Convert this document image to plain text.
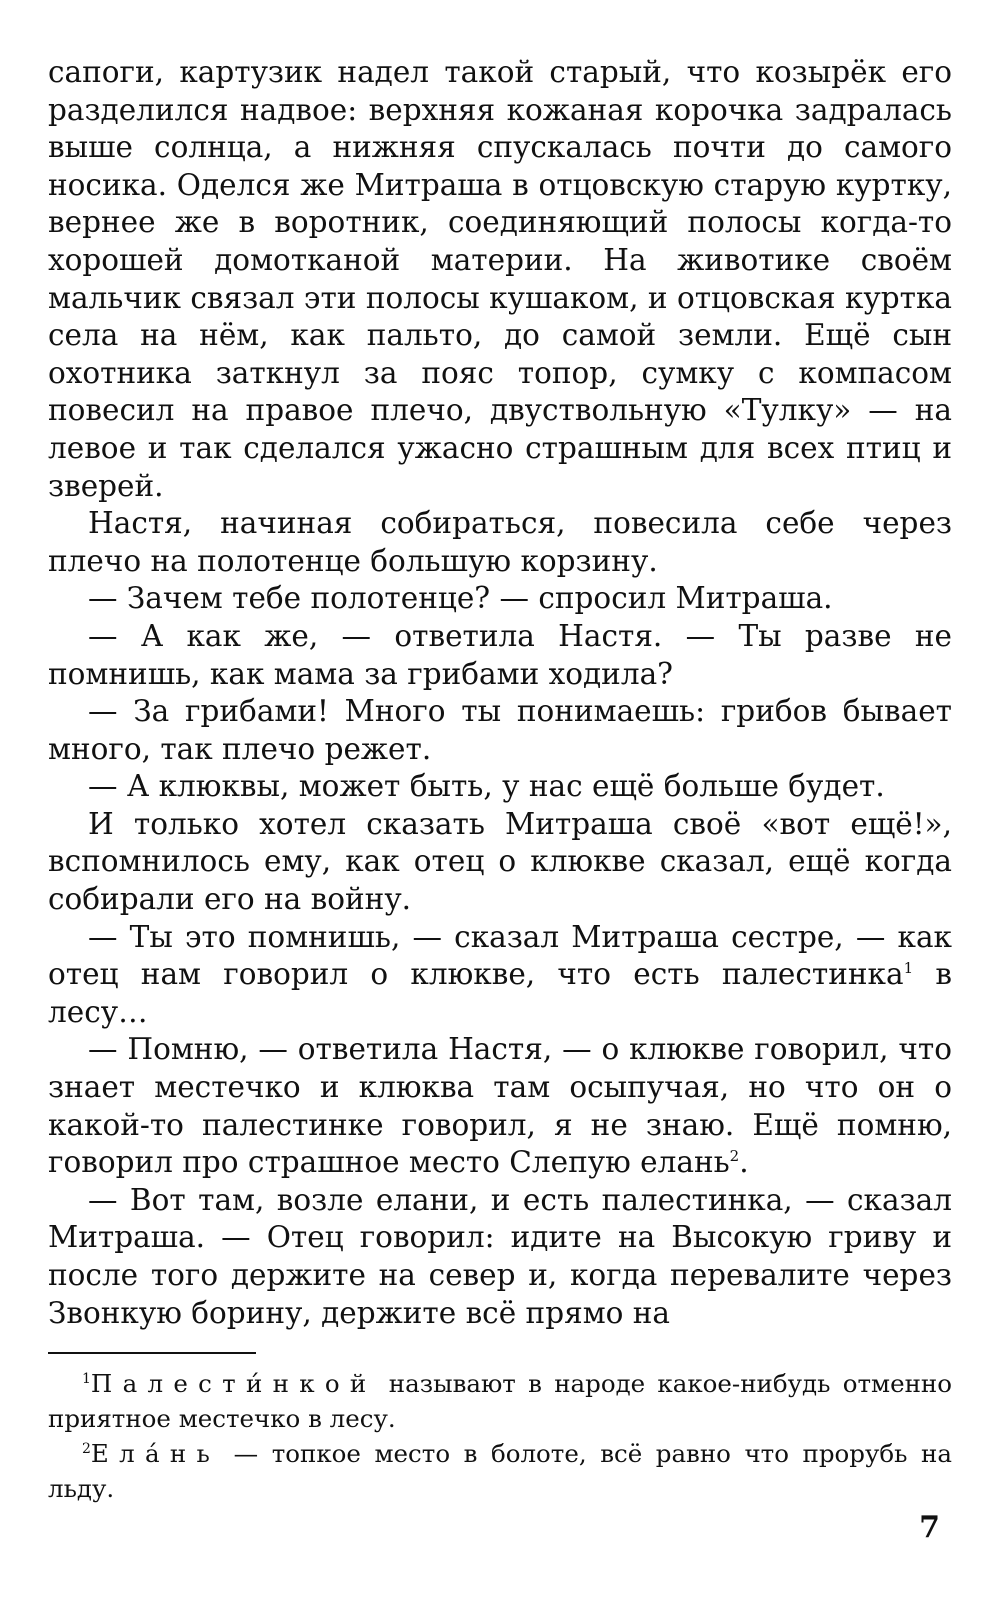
сапоги, картузик надел такой старый, что козырёк его разделился надвое: верхняя кожаная корочка задралась выше солнца, а нижняя спускалась почти до самого носика. Оделся же Митраша в отцовскую старую куртку, вернее же в воротник, соединяющий полосы когда-то хорошей домотканой материи. На животике своём мальчик связал эти полосы кушаком, и отцовская куртка села на нём, как пальто, до самой земли. Ещё сын охотника заткнул за пояс топор, сумку с компасом повесил на правое плечо, двуствольную «Тулку» — на левое и так сделался ужасно страшным для всех птиц и зверей.

Настя, начиная собираться, повесила себе через плечо на полотенце большую корзину.

— Зачем тебе полотенце? — спросил Митраша.

— А как же, — ответила Настя. — Ты разве не помнишь, как мама за грибами ходила?

— За грибами! Много ты понимаешь: грибов бывает много, так плечо режет.

— А клюквы, может быть, у нас ещё больше будет.

И только хотел сказать Митраша своё «вот ещё!», вспомнилось ему, как отец о клюкве сказал, ещё когда собирали его на войну.

— Ты это помнишь, — сказал Митраша сестре, — как отец нам говорил о клюкве, что есть палестинка$^1$ в лесу…

— Помню, — ответила Настя, — о клюкве говорил, что знает местечко и клюква там осыпучая, но что он о какой-то палестинке говорил, я не знаю. Ещё помню, говорил про страшное место Слепую елань$^2$.

— Вот там, возле елани, и есть палестинка, — сказал Митраша. — Отец говорил: идите на Высокую гриву и после того держите на север и, когда перевалите через Звонкую борину, держите всё прямо на

$^1$Палести́нкой называют в народе какое-нибудь отменно приятное местечко в лесу.

$^2$Ела́нь — топкое место в болоте, всё равно что прорубь на льду.

7
